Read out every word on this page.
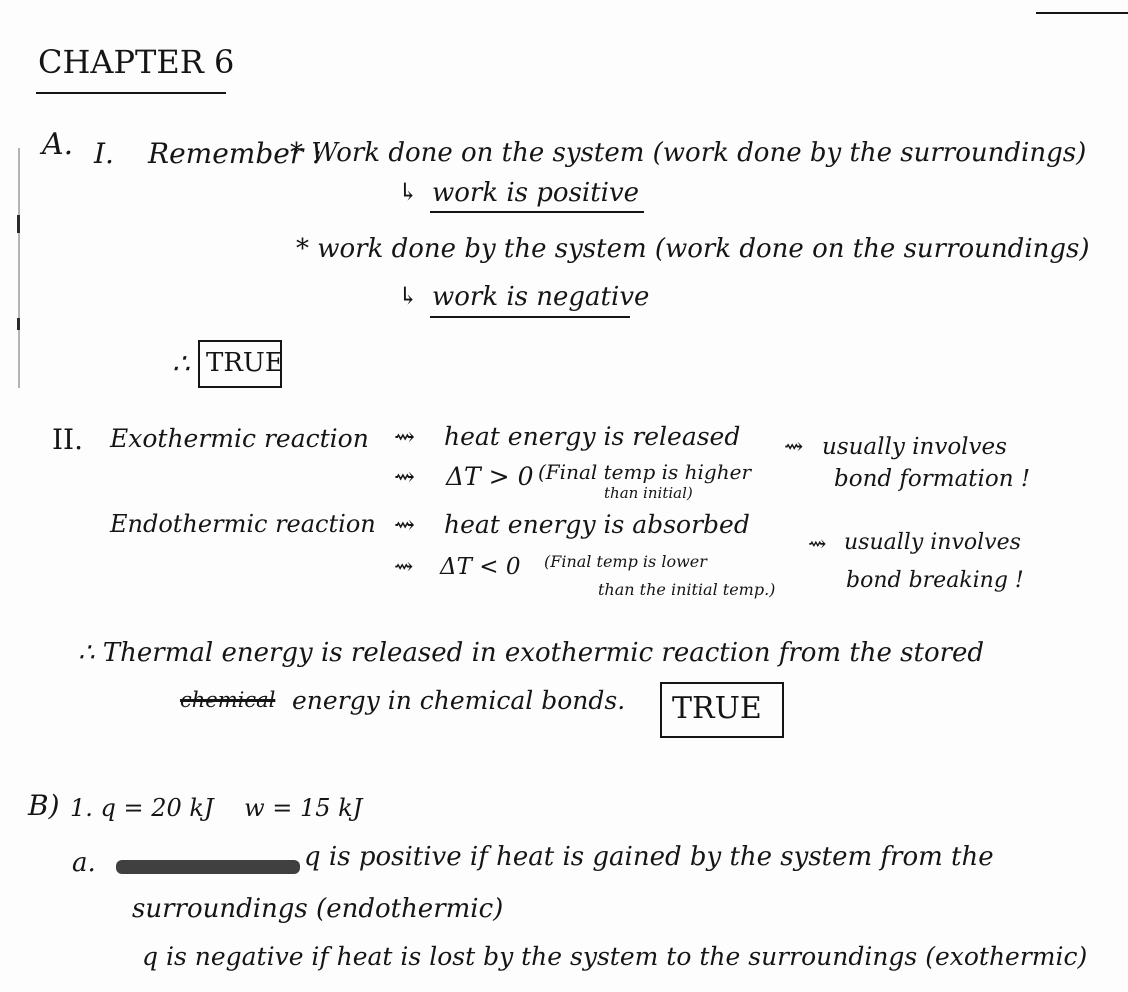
CHAPTER 6
A. I. Remember :
* Work done on the system (work done by the surroundings)
↳ work is positive
* work done by the system (work done on the surroundings)
↳ work is negative
∴ TRUE
II. Exothermic reaction ⇝ heat energy is released
⇝ ΔT > 0 (Final temp is higher
than initial)
⇝ usually involves
bond formation !
Endothermic reaction ⇝ heat energy is absorbed
⇝ ΔT < 0 (Final temp is lower
than the initial temp.)
⇝ usually involves
bond breaking !
∴ Thermal energy is released in exothermic reaction from the stored
chemical energy in chemical bonds. TRUE
B) 1. q = 20 kJ    w = 15 kJ
a.	q is positive if heat is gained by the system from the
surroundings (endothermic)
q is negative if heat is lost by the system to the surroundings (exothermic)
